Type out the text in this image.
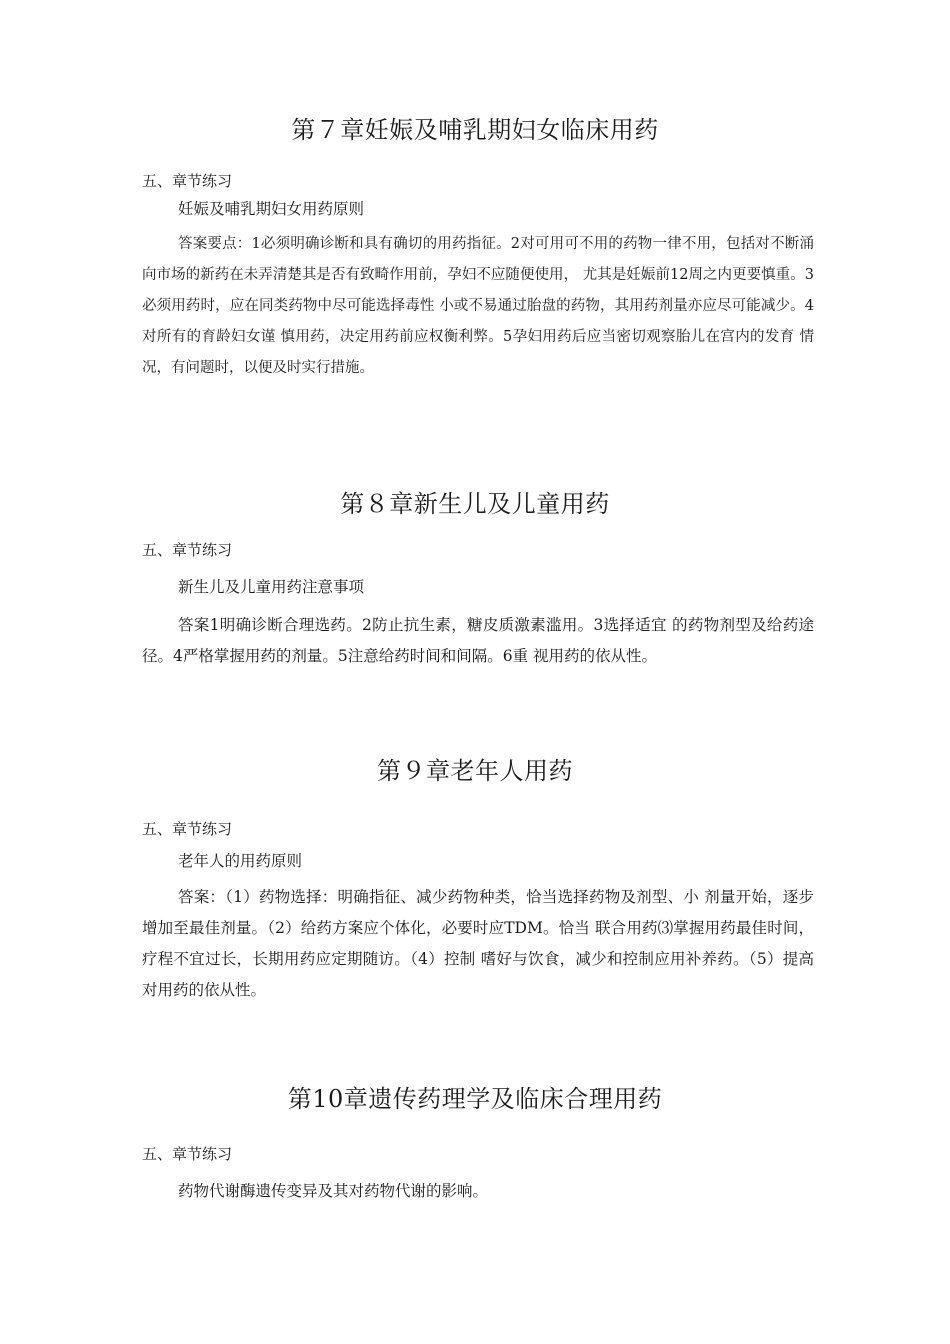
第７章妊娠及哺乳期妇女临床用药
五、章节练习
妊娠及哺乳期妇女用药原则

答案要点：1必须明确诊断和具有确切的用药指征。2对可用可不用的药物一律不用，包括对不断涌向市场的新药在未弄清楚其是否有致畸作用前，孕妇不应随便使用， 尤其是妊娠前12周之内更要慎重。3必须用药时，应在同类药物中尽可能选择毒性 小或不易通过胎盘的药物，其用药剂量亦应尽可能减少。4对所有的育龄妇女谨 慎用药，决定用药前应权衡利弊。5孕妇用药后应当密切观察胎儿在宫内的发育 情况，有问题时，以便及时实行措施。

第８章新生儿及儿童用药
五、章节练习
新生儿及儿童用药注意事项

答案1明确诊断合理选药。2防止抗生素，糖皮质激素滥用。3选择适宜 的药物剂型及给药途径。4严格掌握用药的剂量。5注意给药时间和间隔。6重 视用药的依从性。

第９章老年人用药
五、章节练习
老年人的用药原则

答案：（1）药物选择：明确指征、减少药物种类，恰当选择药物及剂型、小 剂量开始，逐步增加至最佳剂量。（2）给药方案应个体化，必要时应TDM。恰当 联合用药⑶掌握用药最佳时间，疗程不宜过长，长期用药应定期随访。（4）控制 嗜好与饮食，减少和控制应用补养药。（5）提高对用药的依从性。

第10章遗传药理学及临床合理用药
五、章节练习
药物代谢酶遗传变异及其对药物代谢的影响。
